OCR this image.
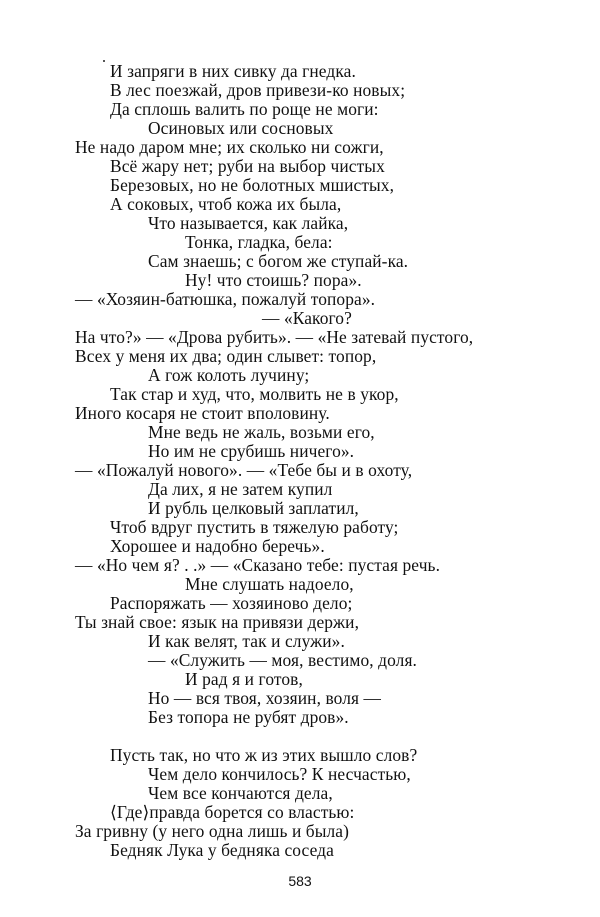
И запряги в них сивку да гнедка.
В лес поезжай, дров привези-ко новых;
Да сплошь валить по роще не моги:
Осиновых или сосновых
Не надо даром мне; их сколько ни сожги,
Всё жару нет; руби на выбор чистых
Березовых, но не болотных мшистых,
А соковых, чтоб кожа их была,
Что называется, как лайка,
Тонка, гладка, бела:
Сам знаешь; с богом же ступай-ка.
Ну! что стоишь? пора».
— «Хозяин-батюшка, пожалуй топора».
— «Какого?
На что?» — «Дрова рубить». — «Не затевай пустого,
Всех у меня их два; один слывет: топор,
А гож колоть лучину;
Так стар и худ, что, молвить не в укор,
Иного косаря не стоит вполовину.
Мне ведь не жаль, возьми его,
Но им не срубишь ничего».
— «Пожалуй нового». — «Тебе бы и в охоту,
Да лих, я не затем купил
И рубль целковый заплатил,
Чтоб вдруг пустить в тяжелую работу;
Хорошее и надобно беречь».
— «Но чем я? . .» — «Сказано тебе: пустая речь.
Мне слушать надоело,
Распоряжать — хозяиново дело;
Ты знай свое: язык на привязи держи,
И как велят, так и служи».
— «Служить — моя, вестимо, доля.
И рад я и готов,
Но — вся твоя, хозяин, воля —
Без топора не рубят дров».
Пусть так, но что ж из этих вышло слов?
Чем дело кончилось? К несчастью,
Чем все кончаются дела,
⟨Где⟩правда борется со властью:
За гривну (у него одна лишь и была)
Бедняк Лука у бедняка соседа
583
